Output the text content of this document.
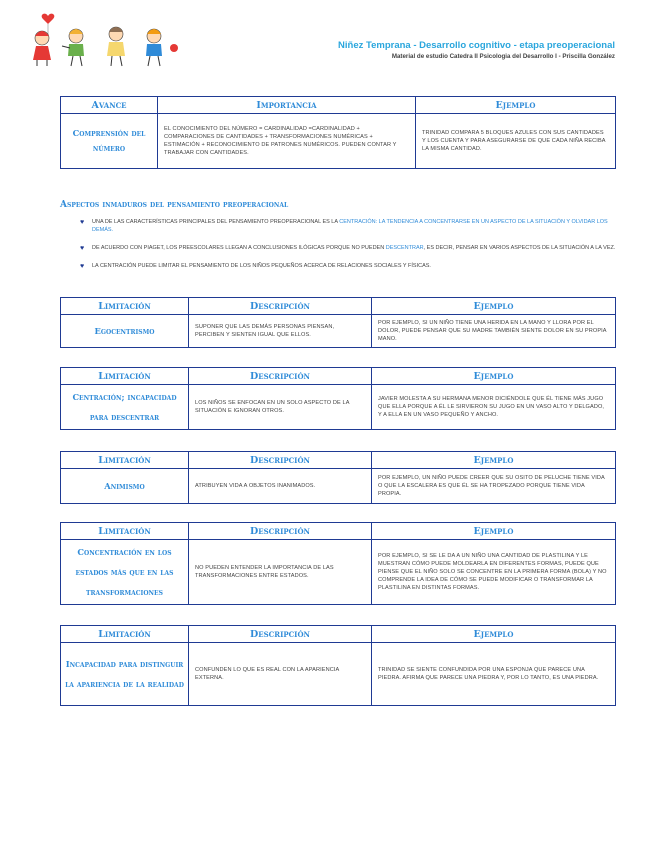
Niñez Temprana - Desarrollo cognitivo - etapa preoperacional
Material de estudio Catedra II Psicologia del Desarrollo I - Priscilla González
Avance	Importancia	Ejemplo
Comprensión del número	EL CONOCIMIENTO DEL NÚMERO = CARDINALIDAD =CARDINALIDAD + COMPARACIONES DE CANTIDADES + TRANSFORMACIONES NUMÉRICAS + ESTIMACIÓN + RECONOCIMIENTO DE PATRONES NUMÉRICOS. PUEDEN CONTAR Y TRABAJAR CON CANTIDADES.	TRINIDAD COMPARA 5 BLOQUES AZULES CON SUS CANTIDADES Y LOS CUENTA Y PARA ASEGURARSE DE QUE CADA NIÑA RECIBA LA MISMA CANTIDAD.
Aspectos inmaduros del pensamiento preoperacional
♥ UNA DE LAS CARACTERÍSTICAS PRINCIPALES DEL PENSAMIENTO PREOPERACIONAL ES LA CENTRACIÓN: LA TENDENCIA A CONCENTRARSE EN UN ASPECTO DE LA SITUACIÓN Y OLVIDAR LOS DEMÁS.
♥ DE ACUERDO CON PIAGET, LOS PREESCOLARES LLEGAN A CONCLUSIONES ILÓGICAS PORQUE NO PUEDEN DESCENTRAR, ES DECIR, PENSAR EN VARIOS ASPECTOS DE LA SITUACIÓN A LA VEZ.
♥ LA CENTRACIÓN PUEDE LIMITAR EL PENSAMIENTO DE LOS NIÑOS PEQUEÑOS ACERCA DE RELACIONES SOCIALES Y FÍSICAS.
Limitación	Descripción	Ejemplo
Egocentrismo	SUPONER QUE LAS DEMÁS PERSONAS PIENSAN, PERCIBEN Y SIENTEN IGUAL QUE ELLOS.	POR EJEMPLO, SI UN NIÑO TIENE UNA HERIDA EN LA MANO Y LLORA POR EL DOLOR, PUEDE PENSAR QUE SU MADRE TAMBIÉN SIENTE DOLOR EN SU PROPIA MANO.
Limitación	Descripción	Ejemplo
Centración; incapacidad para descentrar	LOS NIÑOS SE ENFOCAN EN UN SOLO ASPECTO DE LA SITUACIÓN E IGNORAN OTROS.	JAVIER MOLESTA A SU HERMANA MENOR DICIÉNDOLE QUE ÉL TIENE MÁS JUGO QUE ELLA PORQUE A ÉL LE SIRVIERON SU JUGO EN UN VASO ALTO Y DELGADO, Y A ELLA EN UN VASO PEQUEÑO Y ANCHO.
Limitación	Descripción	Ejemplo
Animismo	ATRIBUYEN VIDA A OBJETOS INANIMADOS.	POR EJEMPLO, UN NIÑO PUEDE CREER QUE SU OSITO DE PELUCHE TIENE VIDA O QUE LA ESCALERA ES QUE ÉL SE HA TROPEZADO PORQUE TIENE VIDA PROPIA.
Limitación	Descripción	Ejemplo
Concentración en los estados más que en las transformaciones	NO PUEDEN ENTENDER LA IMPORTANCIA DE LAS TRANSFORMACIONES ENTRE ESTADOS.	POR EJEMPLO, SI SE LE DA A UN NIÑO UNA CANTIDAD DE PLASTILINA Y LE MUESTRAN CÓMO PUEDE MOLDEARLA EN DIFERENTES FORMAS, PUEDE QUE PIENSE QUE EL NIÑO SOLO SE CONCENTRE EN LA PRIMERA FORMA (BOLA) Y NO COMPRENDE LA IDEA DE CÓMO SE PUEDE MODIFICAR O TRANSFORMAR LA PLASTILINA EN DISTINTAS FORMAS.
Limitación	Descripción	Ejemplo
Incapacidad para distinguir la apariencia de la realidad	CONFUNDEN LO QUE ES REAL CON LA APARIENCIA EXTERNA.	TRINIDAD SE SIENTE CONFUNDIDA POR UNA ESPONJA QUE PARECE UNA PIEDRA. AFIRMA QUE PARECE UNA PIEDRA Y, POR LO TANTO, ES UNA PIEDRA.
